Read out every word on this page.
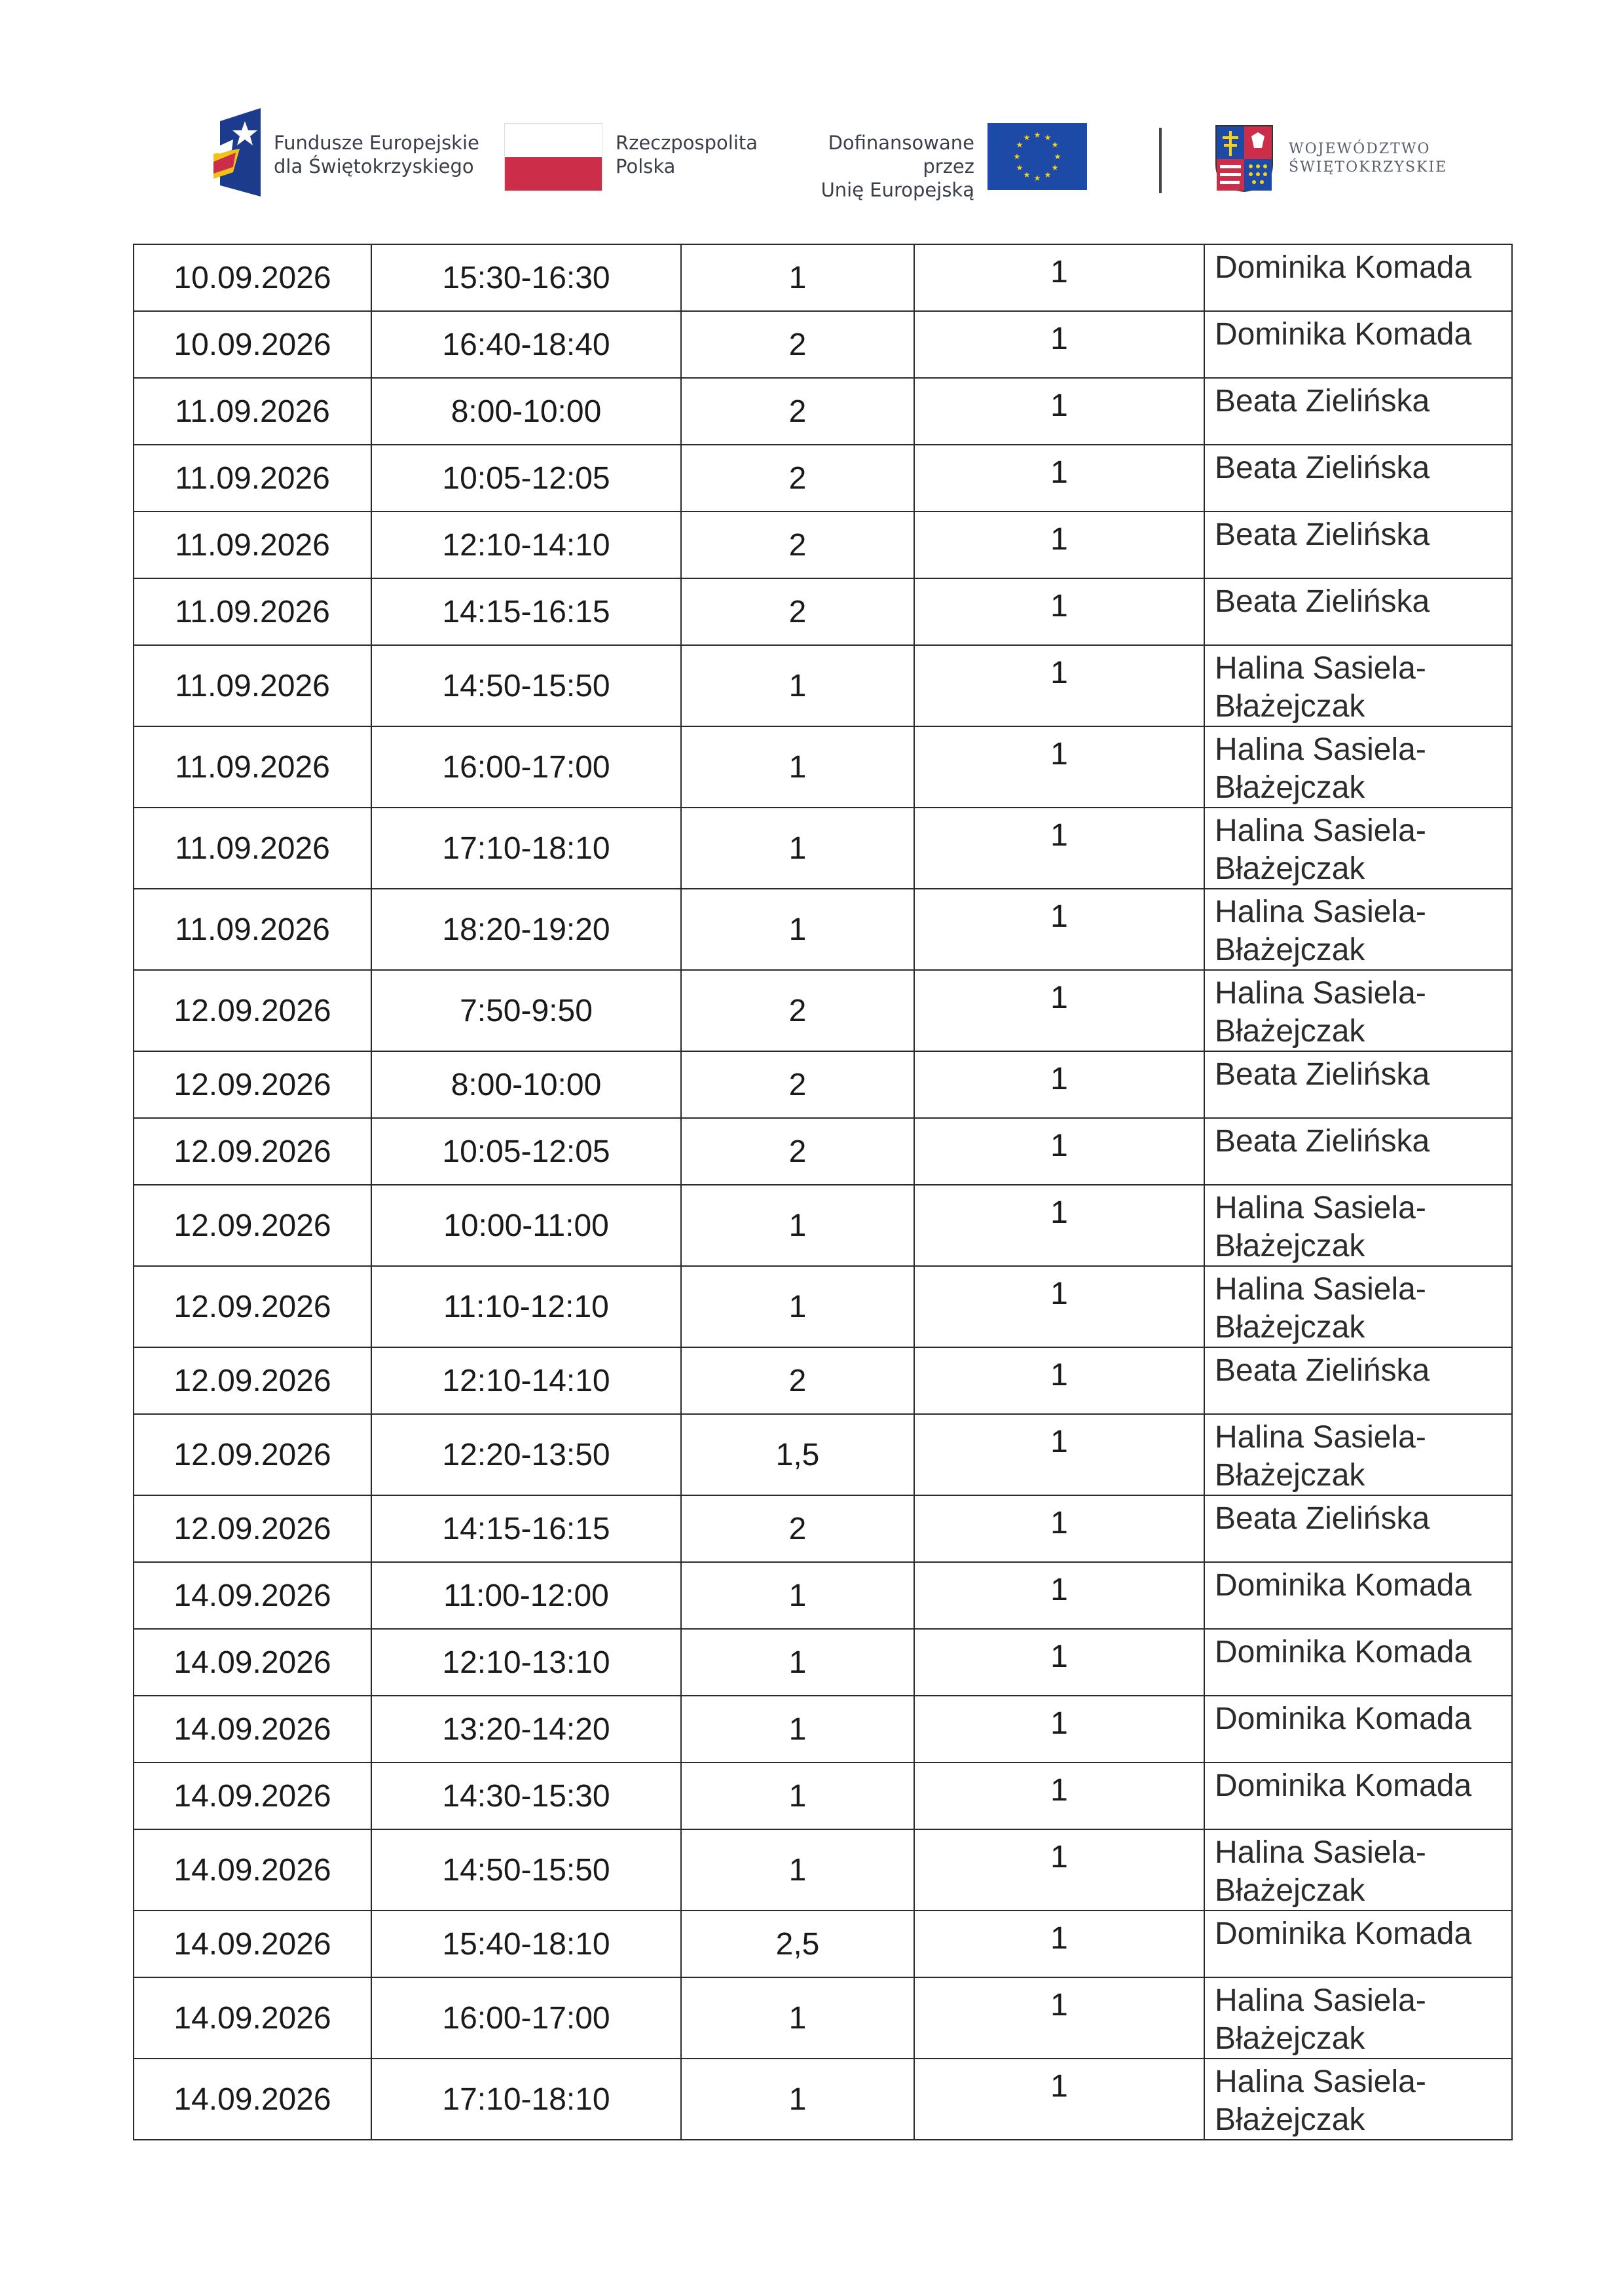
Fundusze Europejskie
dla Świętokrzyskiego
Rzeczpospolita
Polska
Dofinansowane przez
Unię Europejską
★ ★
★
★
★
★
★
★
★
★
★
★
WOJEWÓDZTWO
ŚWIĘTOKRZYSKIE
10.09.2026	15:30-16:30	1	1	Dominika Komada
10.09.2026	16:40-18:40	2	1	Dominika Komada
11.09.2026	8:00-10:00	2	1	Beata Zielińska
11.09.2026	10:05-12:05	2	1	Beata Zielińska
11.09.2026	12:10-14:10	2	1	Beata Zielińska
11.09.2026	14:15-16:15	2	1	Beata Zielińska
11.09.2026	14:50-15:50	1	1	Halina Sasiela-Błażejczak
11.09.2026	16:00-17:00	1	1	Halina Sasiela-Błażejczak
11.09.2026	17:10-18:10	1	1	Halina Sasiela-Błażejczak
11.09.2026	18:20-19:20	1	1	Halina Sasiela-Błażejczak
12.09.2026	7:50-9:50	2	1	Halina Sasiela-Błażejczak
12.09.2026	8:00-10:00	2	1	Beata Zielińska
12.09.2026	10:05-12:05	2	1	Beata Zielińska
12.09.2026	10:00-11:00	1	1	Halina Sasiela-Błażejczak
12.09.2026	11:10-12:10	1	1	Halina Sasiela-Błażejczak
12.09.2026	12:10-14:10	2	1	Beata Zielińska
12.09.2026	12:20-13:50	1,5	1	Halina Sasiela-Błażejczak
12.09.2026	14:15-16:15	2	1	Beata Zielińska
14.09.2026	11:00-12:00	1	1	Dominika Komada
14.09.2026	12:10-13:10	1	1	Dominika Komada
14.09.2026	13:20-14:20	1	1	Dominika Komada
14.09.2026	14:30-15:30	1	1	Dominika Komada
14.09.2026	14:50-15:50	1	1	Halina Sasiela-Błażejczak
14.09.2026	15:40-18:10	2,5	1	Dominika Komada
14.09.2026	16:00-17:00	1	1	Halina Sasiela-Błażejczak
14.09.2026	17:10-18:10	1	1	Halina Sasiela-Błażejczak
